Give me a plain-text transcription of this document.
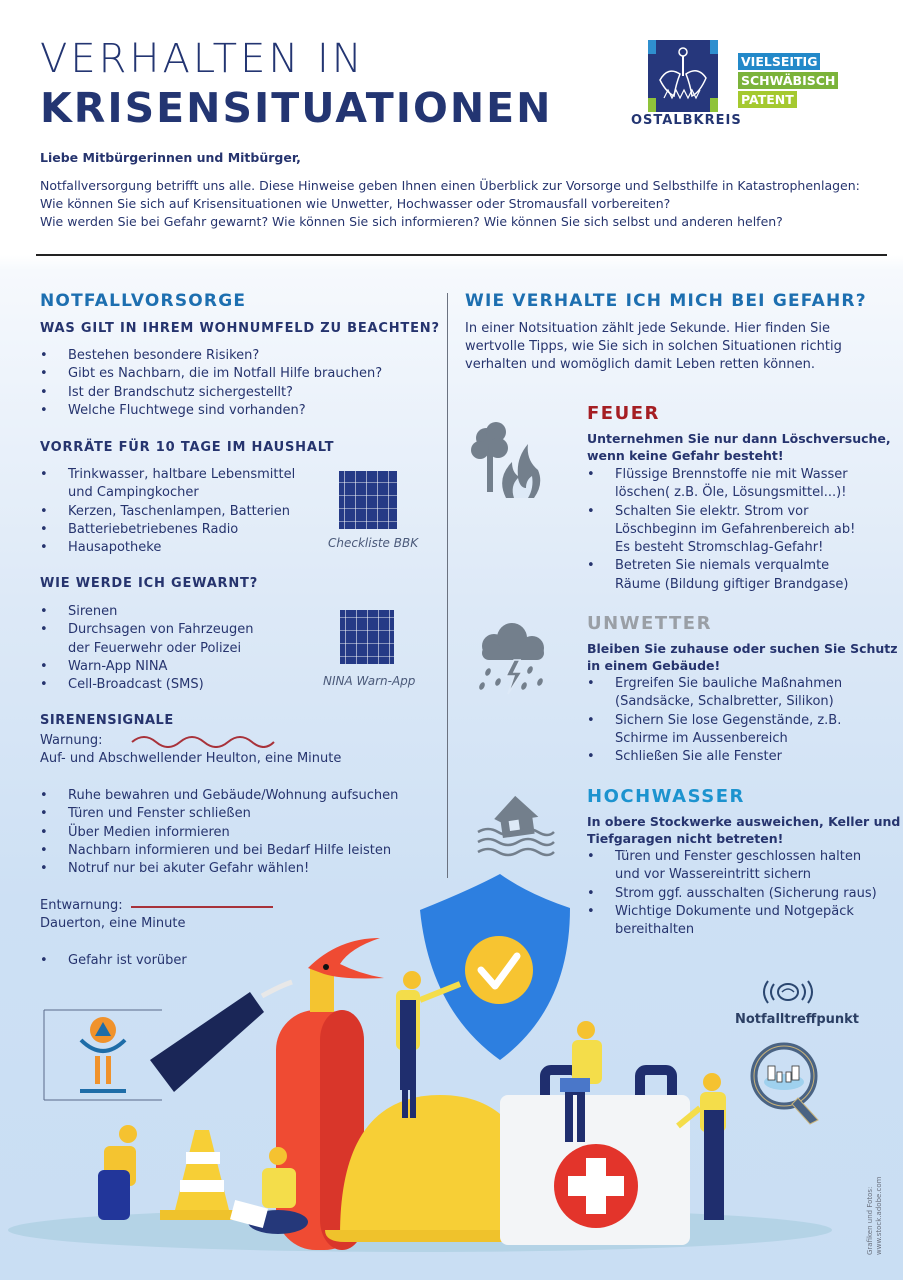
VERHALTEN IN
KRISENSITUATIONEN	OSTALBKREIS
VIELSEITIG
SCHWÄBISCH
PATENT
Liebe Mitbürgerinnen und Mitbürger,
Notfallversorgung betrifft uns alle. Diese Hinweise geben Ihnen einen Überblick zur Vorsorge und Selbsthilfe in Katastrophenlagen:
Wie können Sie sich auf Krisensituationen wie Unwetter, Hochwasser oder Stromausfall vorbereiten?
Wie werden Sie bei Gefahr gewarnt? Wie können Sie sich informieren? Wie können Sie sich selbst und anderen helfen?
NOTFALLVORSORGE
WAS GILT IN IHREM WOHNUMFELD ZU BEACHTEN?
• Bestehen besondere Risiken?
• Gibt es Nachbarn, die im Notfall Hilfe brauchen?
• Ist der Brandschutz sichergestellt?
• Welche Fluchtwege sind vorhanden?
VORRÄTE FÜR 10 TAGE IM HAUSHALT
• Trinkwasser, haltbare Lebensmittel
und Campingkocher
• Kerzen, Taschenlampen, Batterien
• Batteriebetriebenes Radio
• Hausapotheke	Checkliste BBK
WIE WERDE ICH GEWARNT?
• Sirenen
• Durchsagen von Fahrzeugen
der Feuerwehr oder Polizei
• Warn-App NINA
• Cell-Broadcast (SMS)	NINA Warn-App
SIRENENSIGNALE
Warnung:
Auf- und Abschwellender Heulton, eine Minute
• Ruhe bewahren und Gebäude/Wohnung aufsuchen
• Türen und Fenster schließen
• Über Medien informieren
• Nachbarn informieren und bei Bedarf Hilfe leisten
• Notruf nur bei akuter Gefahr wählen!
Entwarnung:
Dauerton, eine Minute
• Gefahr ist vorüber
WIE VERHALTE ICH MICH BEI GEFAHR?
In einer Notsituation zählt jede Sekunde. Hier finden Sie
wertvolle Tipps, wie Sie sich in solchen Situationen richtig
verhalten und womöglich damit Leben retten können.
FEUER
Unternehmen Sie nur dann Löschversuche,
wenn keine Gefahr besteht!
• Flüssige Brennstoffe nie mit Wasser
löschen( z.B. Öle, Lösungsmittel...)!
• Schalten Sie elektr. Strom vor
Löschbeginn im Gefahrenbereich ab!
Es besteht Stromschlag-Gefahr!
• Betreten Sie niemals verqualmte
Räume (Bildung giftiger Brandgase)
UNWETTER
Bleiben Sie zuhause oder suchen Sie Schutz
in einem Gebäude!
• Ergreifen Sie bauliche Maßnahmen
(Sandsäcke, Schalbretter, Silikon)
• Sichern Sie lose Gegenstände, z.B.
Schirme im Aussenbereich
• Schließen Sie alle Fenster
HOCHWASSER
In obere Stockwerke ausweichen, Keller und
Tiefgaragen nicht betreten!
• Türen und Fenster geschlossen halten
und vor Wassereintritt sichern
• Strom ggf. ausschalten (Sicherung raus)
• Wichtige Dokumente und Notgepäck
bereithalten
Notfalltreffpunkt
Grafiken und Fotos: www.stock.adobe.com
